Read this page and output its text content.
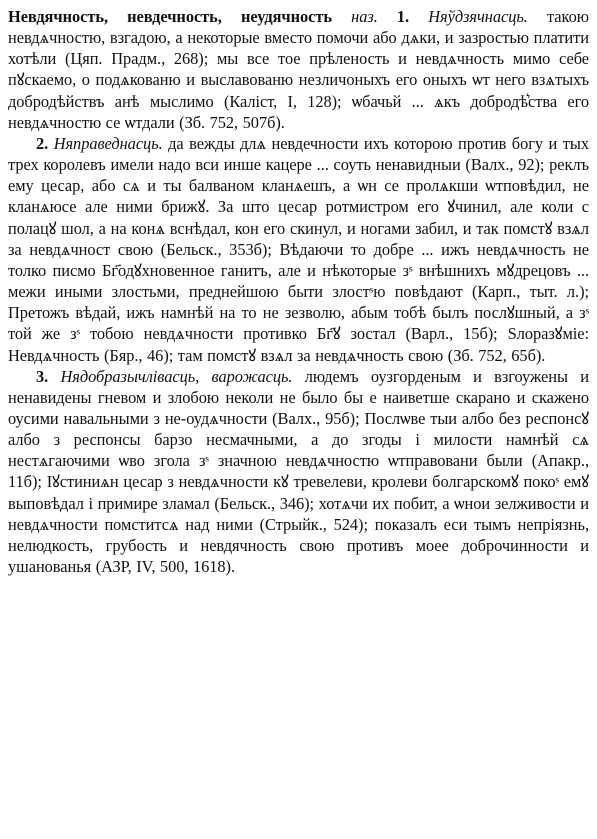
Невдячность, невдечность, неудячность наз. 1. Няўдзячнасць. такою невдѧчностю, взгадою, а некоторые вместо помочи або дѧки, и зазростью платити хотѣли (Цяп. Прадм., 268); мы все тое прѣленость и невдѧчность мимо себе пꙋскаемо, о подѧкованю и выславованю незличоныхъ его оныхъ ѡт него взѧтыхъ добродѣйствъ анѣ мыслимо (Каліст, I, 128); ѡбачьй ... ѧкъ добродѣ͛ства его невдѧчностю се ѡтдали (Зб. 752, 507б).

2. Няправеднасць. да вежды длѧ невдечности ихъ которою против богу и тых трех королевъ имели надо вси инше кацере ... соуть ненавидныи (Валх., 92); реклъ ему цесар, або сѧ и ты балваном кланѧешъ, а ѡн се пролѧкши ѡтповѣдил, не кланѧюсе але ними брижꙋ. За што цесар ротмистром его ꙋчинил, але коли с полацꙋ шол, а на конѧ вснѣдал, кон его скинул, и ногами забил, и так помстꙋ взѧл за невдѧчност свою (Бельск., 353б); Вѣдаючи то добре ... ижъ невдѧчность не толко писмо Бг҃одꙋхновенное ганитъ, але и нѣкоторые зˢ внѣшнихъ мꙋдрецовъ ... межи иными злостьми, преднейшою быти злостˢю повѣдают (Карп., тыт. л.); Претожъ вѣдай, ижъ намнѣй на то не зезволю, абым тобѣ былъ послꙋшный, а зˢ той же зˢ тобою невдѧчности противко Бг҃ꙋ зостал (Варл., 15б); Ѕлоразꙋміе: Невдѧчность (Бяр., 46); там помстꙋ взѧл за невдѧчность свою (Зб. 752, 65б).

3. Нядобразычлівасць, варожасць. людемъ оузгорденым и взгоужены и ненавидены гневом и злобою неколи не было бы е наиветше скарано и скажено оусими навальными з не-оудѧчности (Валх., 95б); Послѡве тыи албо без респонсꙋ албо з респонсы барзо несмачными, а до згоды і милости намнѣй сѧ нестѧгаючими ѡво згола зˢ значною невдѧчностю ѡтправовани были (Апакр., 11б); Іꙋстиниѧн цесар з невдѧчности кꙋ тревелеви, кролеви болгарскомꙋ покоˢ емꙋ выповѣдал і примире зламал (Бельск., 346); хотѧчи их побит, а ѡнои зелживости и невдѧчности помститсѧ над ними (Стрыйк., 524); показалъ еси тымъ непріязнь, нелюдкость, грубость и невдячность свою противъ моее доброчинности и ушанованья (АЗР, IV, 500, 1618).
